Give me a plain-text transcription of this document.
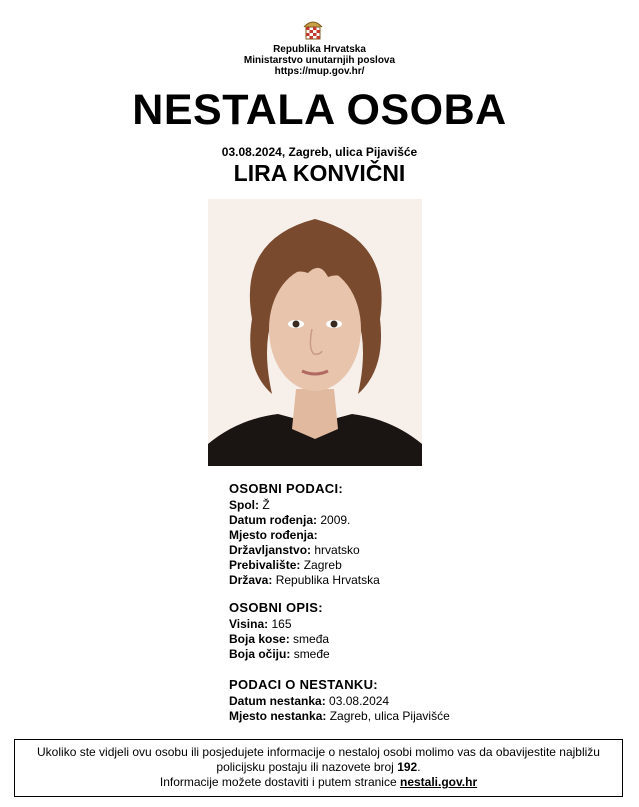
Republika Hrvatska
Ministarstvo unutarnjih poslova
https://mup.gov.hr/
NESTALA OSOBA
03.08.2024, Zagreb, ulica Pijavišće
LIRA KONVIČNI
OSOBNI PODACI:
Spol: Ž
Datum rođenja: 2009.
Mjesto rođenja:
Državljanstvo: hrvatsko
Prebivalište: Zagreb
Država: Republika Hrvatska
OSOBNI OPIS:
Visina: 165
Boja kose: smeđa
Boja očiju: smeđe
PODACI O NESTANKU:
Datum nestanka: 03.08.2024
Mjesto nestanka: Zagreb, ulica Pijavišće
Ukoliko ste vidjeli ovu osobu ili posjedujete informacije o nestaloj osobi molimo vas da obavijestite najbližu
policijsku postaju ili nazovete broj 192.
Informacije možete dostaviti i putem stranice nestali.gov.hr
